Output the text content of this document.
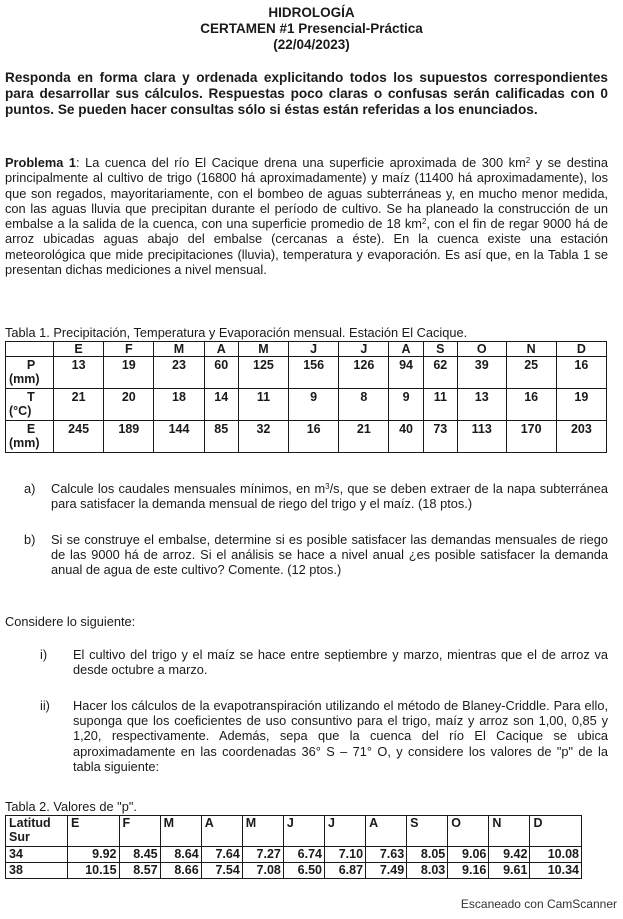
HIDROLOGÍA
CERTAMEN #1 Presencial-Práctica
(22/04/2023)
Responda en forma clara y ordenada explicitando todos los supuestos correspondientes para desarrollar sus cálculos. Respuestas poco claras o confusas serán calificadas con 0 puntos. Se pueden hacer consultas sólo si éstas están referidas a los enunciados.
Problema 1: La cuenca del río El Cacique drena una superficie aproximada de 300 $km^2$ y se destina principalmente al cultivo de trigo (16800 há aproximadamente) y maíz (11400 há aproximadamente), los que son regados, mayoritariamente, con el bombeo de aguas subterráneas y, en mucho menor medida, con las aguas lluvia que precipitan durante el período de cultivo. Se ha planeado la construcción de un embalse a la salida de la cuenca, con una superficie promedio de 18 $km^2$, con el fin de regar 9000 há de arroz ubicadas aguas abajo del embalse (cercanas a éste). En la cuenca existe una estación meteorológica que mide precipitaciones (lluvia), temperatura y evaporación. Es así que, en la Tabla 1 se presentan dichas mediciones a nivel mensual.
Tabla 1. Precipitación, Temperatura y Evaporación mensual. Estación El Cacique.
	E	F	M	A	M	J	J	A	S	O	N	D

P
(mm)	13	19	23	60	125	156	126	94	62	39	25	16

T
(°C)	21	20	18	14	11	9	8	9	11	13	16	19

E
(mm)	245	189	144	85	32	16	21	40	73	113	170	203
a) Calcule los caudales mensuales mínimos, en $m^3/s$, que se deben extraer de la napa subterránea para satisfacer la demanda mensual de riego del trigo y el maíz. (18 ptos.)
b) Si se construye el embalse, determine si es posible satisfacer las demandas mensuales de riego de las 9000 há de arroz. Si el análisis se hace a nivel anual ¿es posible satisfacer la demanda anual de agua de este cultivo? Comente. (12 ptos.)
Considere lo siguiente:
i) El cultivo del trigo y el maíz se hace entre septiembre y marzo, mientras que el de arroz va desde octubre a marzo.
ii) Hacer los cálculos de la evapotranspiración utilizando el método de Blaney-Criddle. Para ello, suponga que los coeficientes de uso consuntivo para el trigo, maíz y arroz son 1,00, 0,85 y 1,20, respectivamente. Además, sepa que la cuenca del río El Cacique se ubica aproximadamente en las coordenadas 36° S – 71° O, y considere los valores de "p" de la tabla siguiente:
Tabla 2. Valores de "p".
Latitud
Sur	E	F	M	A	M	J	J	A	S	O	N	D
34	9.92	8.45	8.64	7.64	7.27	6.74	7.10	7.63	8.05	9.06	9.42	10.08
38	10.15	8.57	8.66	7.54	7.08	6.50	6.87	7.49	8.03	9.16	9.61	10.34
Escaneado con CamScanner
